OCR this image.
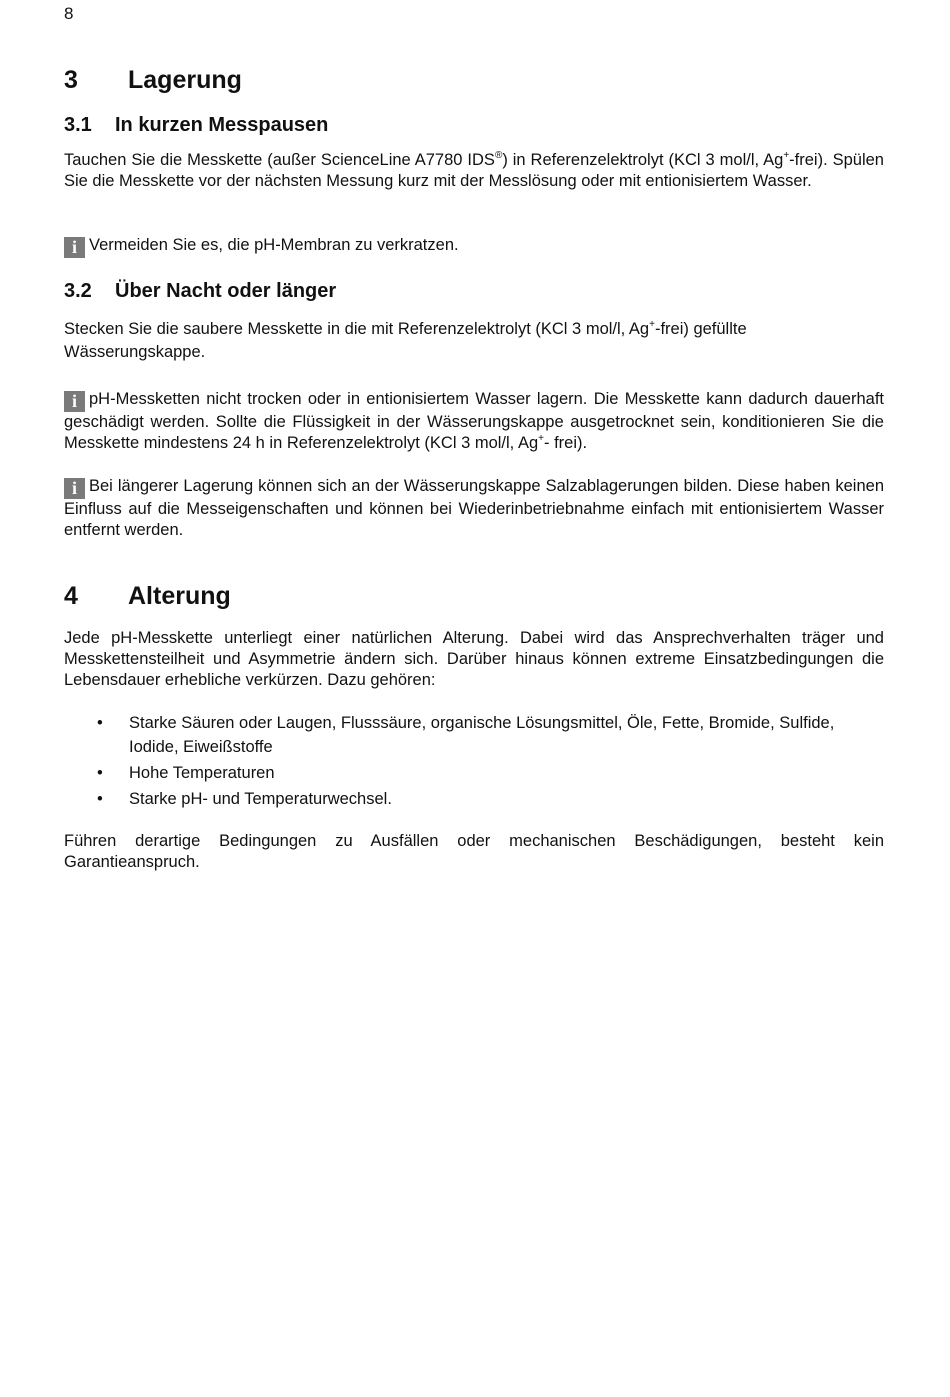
8
3 Lagerung
3.1 In kurzen Messpausen

Tauchen Sie die Messkette (außer ScienceLine A7780 IDS®) in Referenzelektrolyt (KCl 3 mol/l, Ag+-frei). Spülen Sie die Messkette vor der nächsten Messung kurz mit der Messlösung oder mit entionisiertem Wasser.

i Vermeiden Sie es, die pH-Membran zu verkratzen.

3.2 Über Nacht oder länger

Stecken Sie die saubere Messkette in die mit Referenzelektrolyt (KCl 3 mol/l, Ag+-frei) gefüllte Wässerungskappe.

i pH-Messketten nicht trocken oder in entionisiertem Wasser lagern. Die Messkette kann dadurch dauerhaft geschädigt werden. Sollte die Flüssigkeit in der Wässerungskappe ausgetrocknet sein, konditionieren Sie die Messkette mindestens 24 h in Referenzelektrolyt (KCl 3 mol/l, Ag+- frei).

i Bei längerer Lagerung können sich an der Wässerungskappe Salzablagerungen bilden. Diese haben keinen Einfluss auf die Messeigenschaften und können bei Wiederinbetriebnahme einfach mit entionisiertem Wasser entfernt werden.

4 Alterung

Jede pH-Messkette unterliegt einer natürlichen Alterung. Dabei wird das Ansprechverhalten träger und Messkettensteilheit und Asymmetrie ändern sich. Darüber hinaus können extreme Einsatzbedingungen die Lebensdauer erhebliche verkürzen. Dazu gehören:

• Starke Säuren oder Laugen, Flusssäure, organische Lösungsmittel, Öle, Fette, Bromide, Sulfide, Iodide, Eiweißstoffe
• Hohe Temperaturen
• Starke pH- und Temperaturwechsel.

Führen derartige Bedingungen zu Ausfällen oder mechanischen Beschädigungen, besteht kein Garantieanspruch.
